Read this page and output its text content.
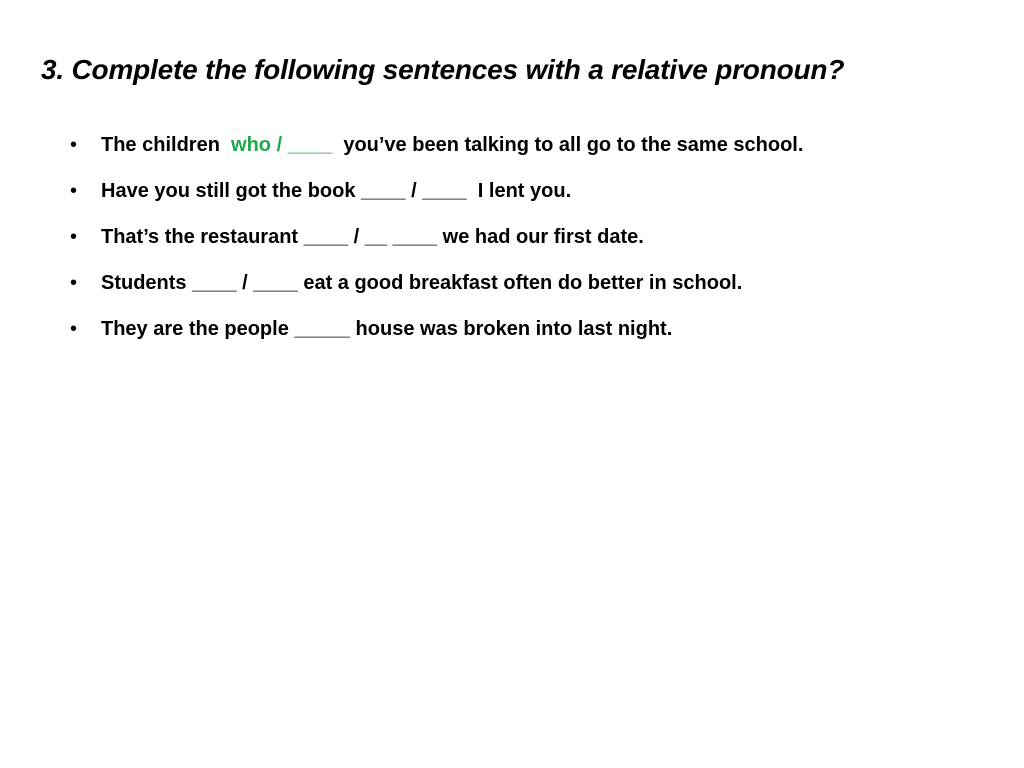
3. Complete the following sentences with a relative pronoun?
• The children  who / ____  you’ve been talking to all go to the same school.
• Have you still got the book ____ / ____  I lent you.
• That’s the restaurant ____ / __ ____ we had our first date.
• Students ____ / ____ eat a good breakfast often do better in school.
• They are the people _____ house was broken into last night.
